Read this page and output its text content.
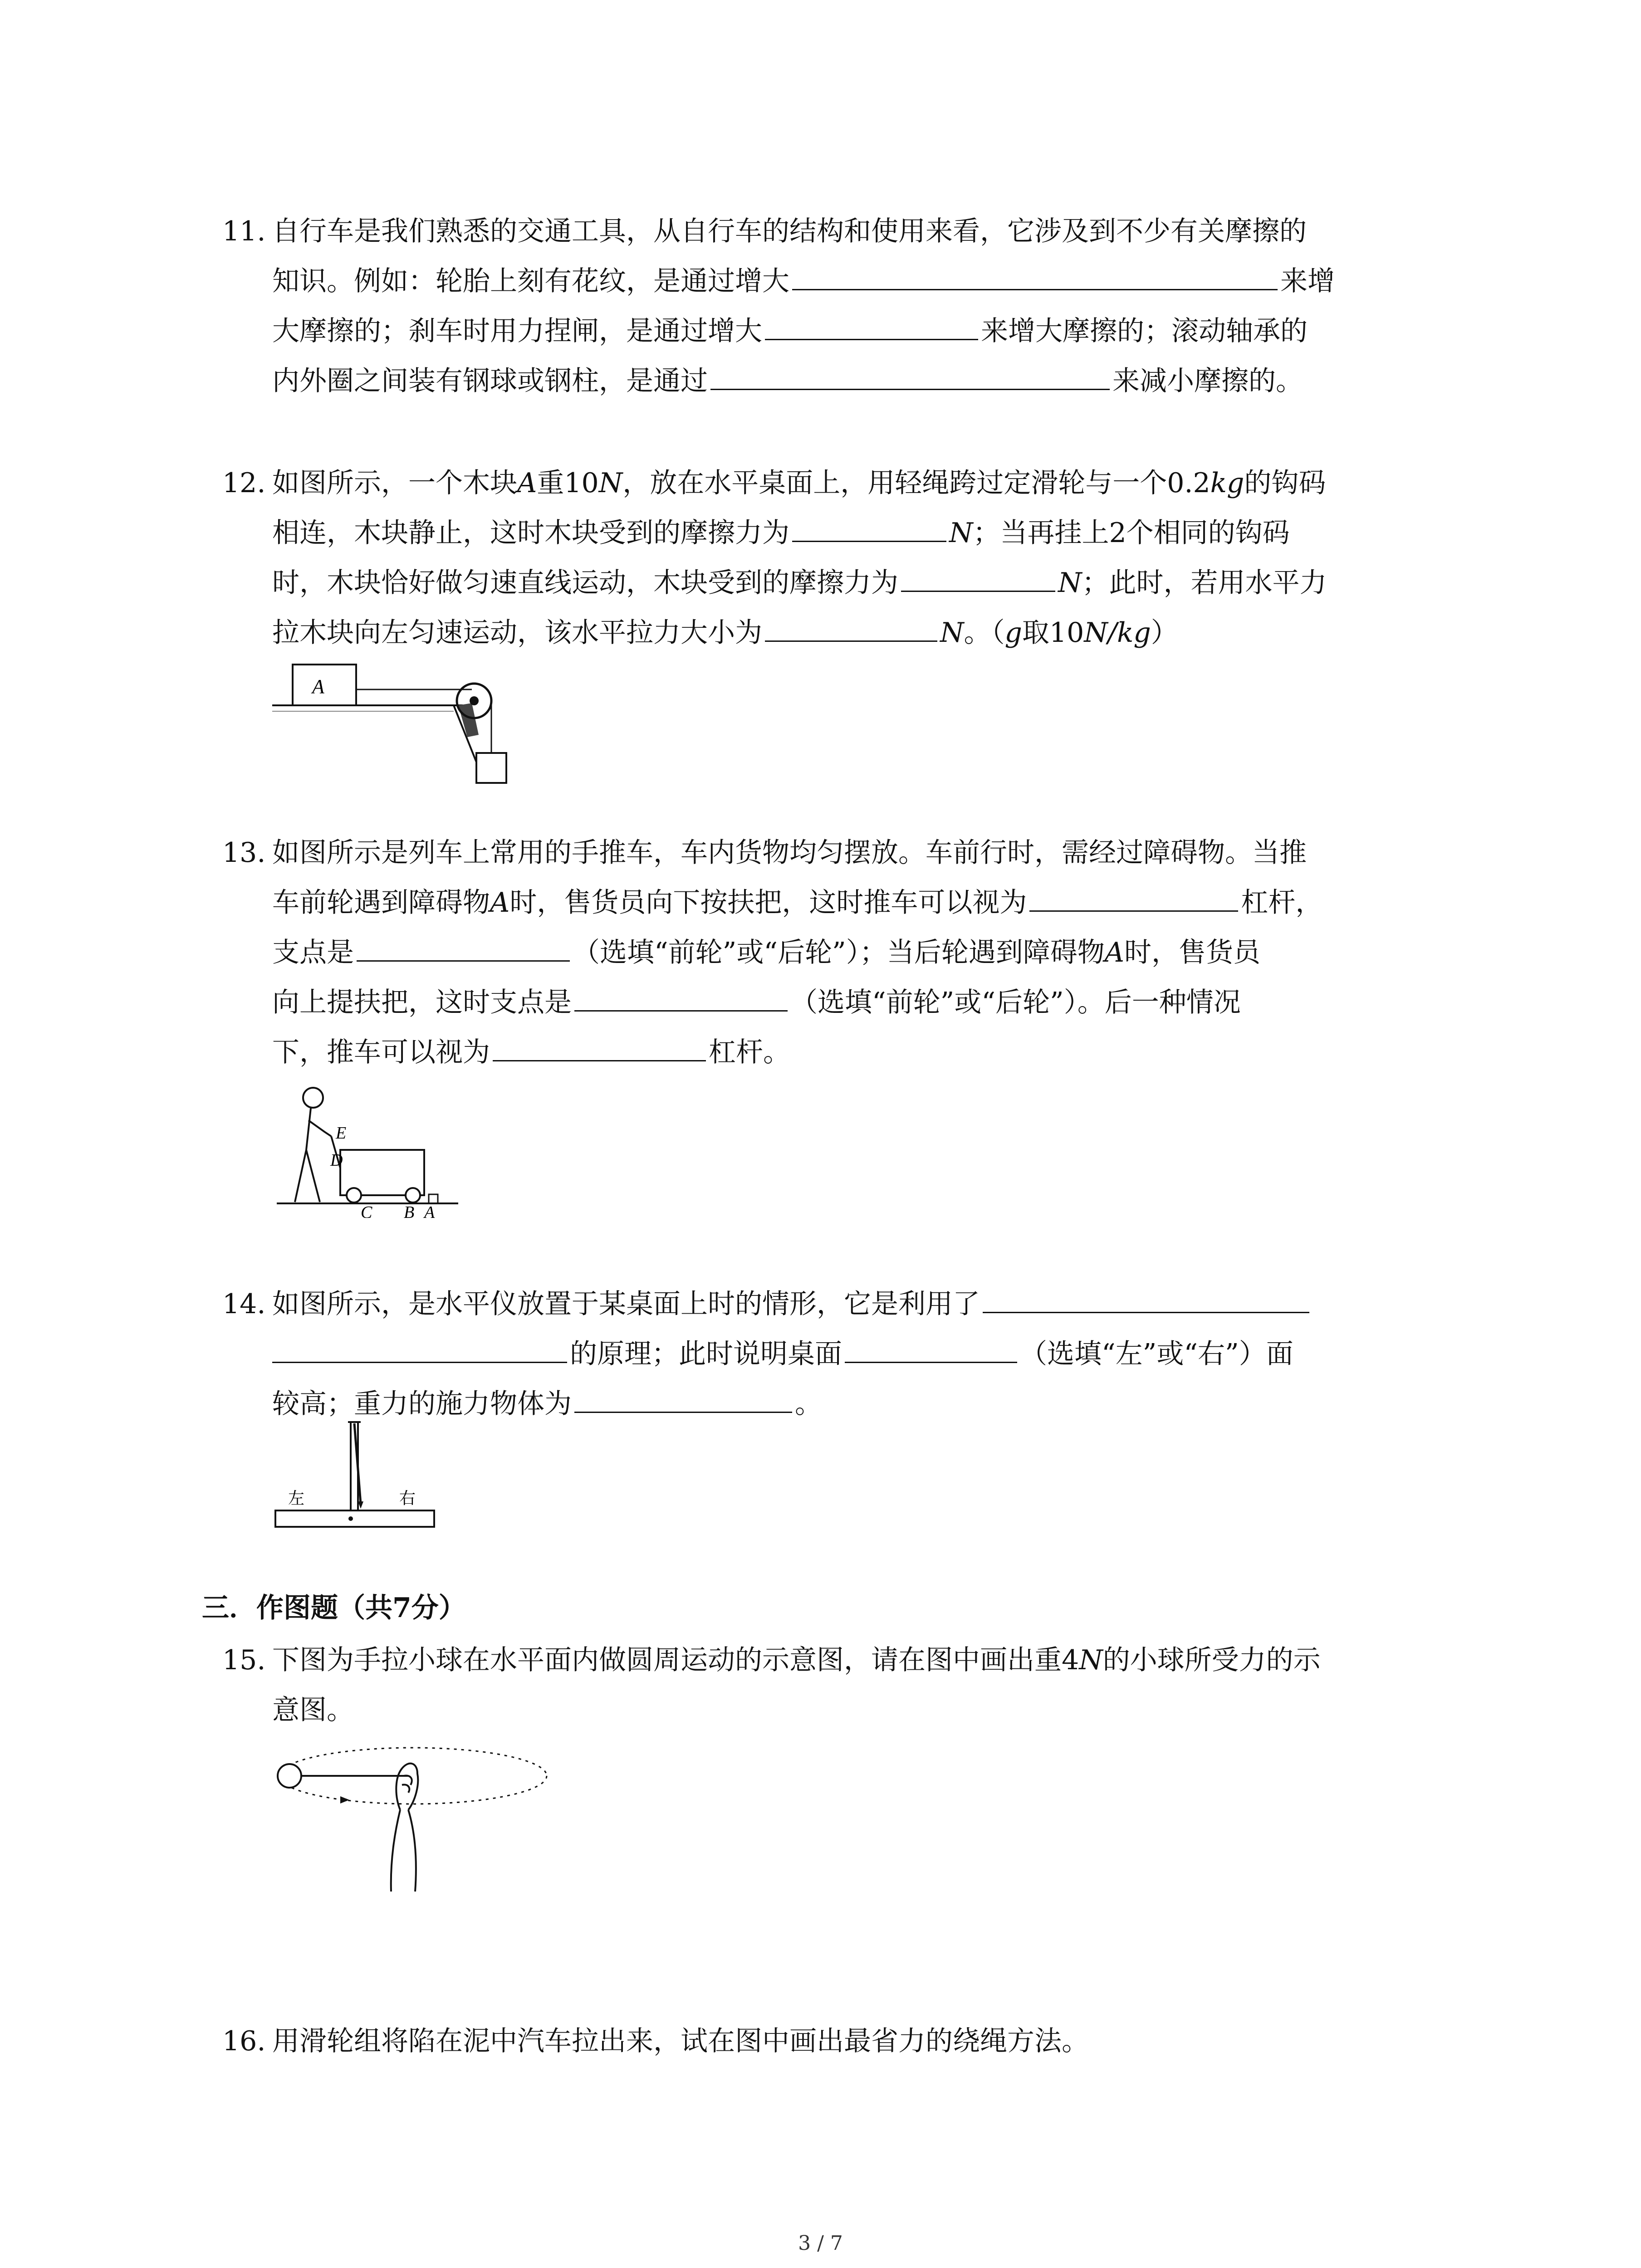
11. 自行车是我们熟悉的交通工具，从自行车的结构和使用来看，它涉及到不少有关摩擦的
知识。例如：轮胎上刻有花纹，是通过增大	来增
大摩擦的；刹车时用力捏闸，是通过增大	来增大摩擦的；滚动轴承的
内外圈之间装有钢球或钢柱，是通过	来减小摩擦的。
12. 如图所示，一个木块A重10N，放在水平桌面上，用轻绳跨过定滑轮与一个0.2kg的钩码
相连，木块静止，这时木块受到的摩擦力为	N；当再挂上2个相同的钩码
时，木块恰好做匀速直线运动，木块受到的摩擦力为	N；此时，若用水平力
拉木块向左匀速运动，该水平拉力大小为	N。（g取10N/kg）
A
13. 如图所示是列车上常用的手推车，车内货物均匀摆放。车前行时，需经过障碍物。当推
车前轮遇到障碍物A时，售货员向下按扶把，这时推车可以视为	杠杆，
支点是	（选填“前轮”或“后轮”）；当后轮遇到障碍物A时，售货员
向上提扶把，这时支点是	（选填“前轮”或“后轮”）。后一种情况
下，推车可以视为	杠杆。
E
D
C B A
14. 如图所示，是水平仪放置于某桌面上时的情形，它是利用了
的原理；此时说明桌面	（选填“左”或“右”）面
较高；重力的施力物体为	。
左	右
三．作图题（共7分）
15. 下图为手拉小球在水平面内做圆周运动的示意图，请在图中画出重4N的小球所受力的示
意图。
16. 用滑轮组将陷在泥中汽车拉出来，试在图中画出最省力的绕绳方法。
3 / 7
